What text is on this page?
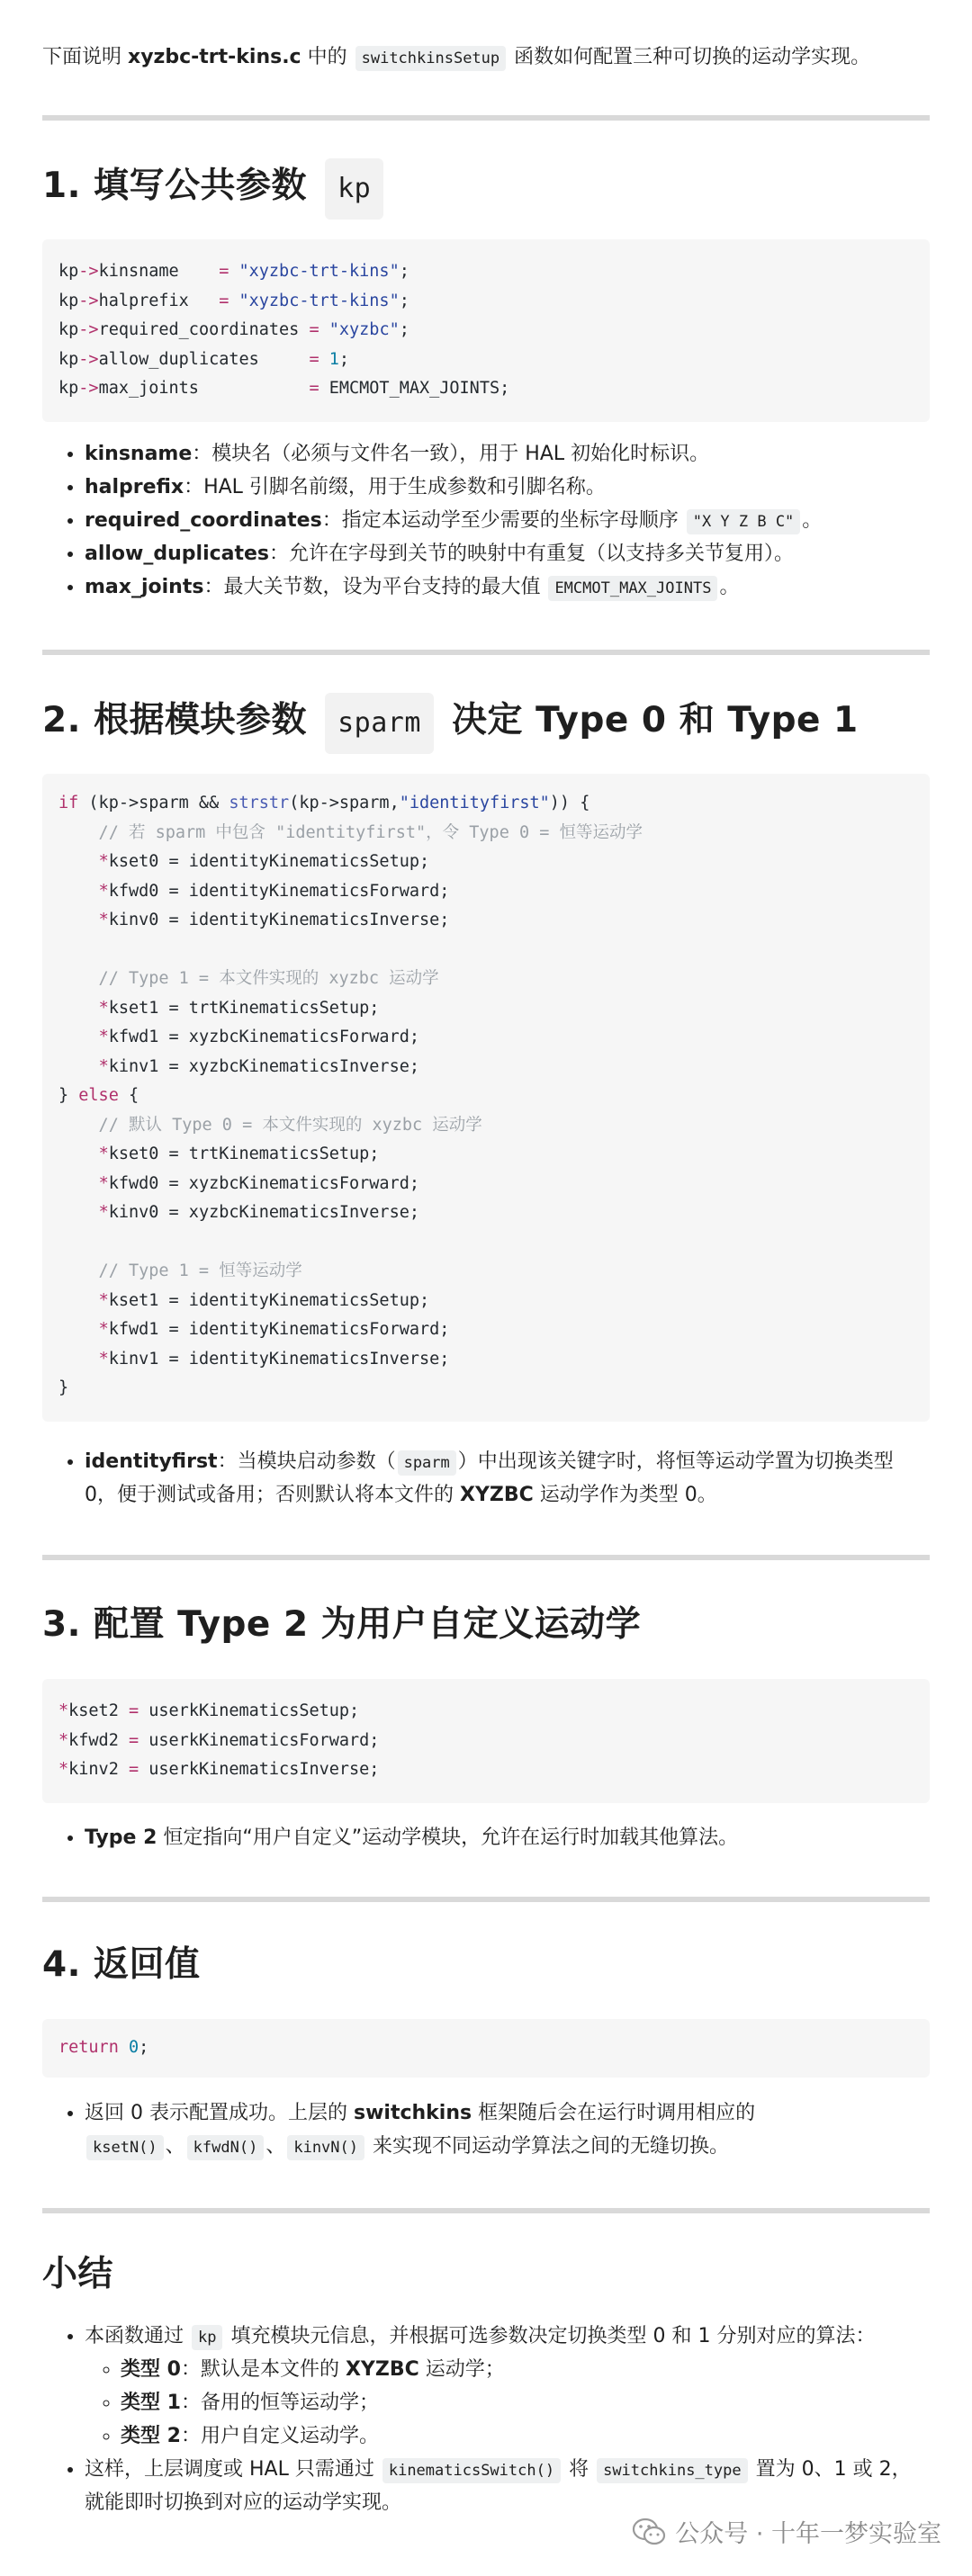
下面说明 xyzbc-trt-kins.c 中的 switchkinsSetup 函数如何配置三种可切换的运动学实现。
1. 填写公共参数 kp
kp->kinsname    = "xyzbc-trt-kins";
kp->halprefix   = "xyzbc-trt-kins";
kp->required_coordinates = "xyzbc";
kp->allow_duplicates     = 1;
kp->max_joints           = EMCMOT_MAX_JOINTS;
• kinsname：模块名（必须与文件名一致），用于 HAL 初始化时标识。
• halprefix：HAL 引脚名前缀，用于生成参数和引脚名称。
• required_coordinates：指定本运动学至少需要的坐标字母顺序 "X Y Z B C" 。
• allow_duplicates：允许在字母到关节的映射中有重复（以支持多关节复用）。
• max_joints：最大关节数，设为平台支持的最大值 EMCMOT_MAX_JOINTS 。
2. 根据模块参数 sparm 决定 Type 0 和 Type 1
if (kp->sparm && strstr(kp->sparm,"identityfirst")) {
// 若 sparm 中包含 "identityfirst"，令 Type 0 = 恒等运动学
*kset0 = identityKinematicsSetup;
*kfwd0 = identityKinematicsForward;
*kinv0 = identityKinematicsInverse;

// Type 1 = 本文件实现的 xyzbc 运动学
*kset1 = trtKinematicsSetup;
*kfwd1 = xyzbcKinematicsForward;
*kinv1 = xyzbcKinematicsInverse;
} else {
// 默认 Type 0 = 本文件实现的 xyzbc 运动学
*kset0 = trtKinematicsSetup;
*kfwd0 = xyzbcKinematicsForward;
*kinv0 = xyzbcKinematicsInverse;

// Type 1 = 恒等运动学
*kset1 = identityKinematicsSetup;
*kfwd1 = identityKinematicsForward;
*kinv1 = identityKinematicsInverse;
}
• identityfirst：当模块启动参数（ sparm ）中出现该关键字时，将恒等运动学置为切换类型 0，便于测试或备用；否则默认将本文件的 XYZBC 运动学作为类型 0。
3. 配置 Type 2 为用户自定义运动学
*kset2 = userkKinematicsSetup;
*kfwd2 = userkKinematicsForward;
*kinv2 = userkKinematicsInverse;
• Type 2 恒定指向“用户自定义”运动学模块，允许在运行时加载其他算法。
4. 返回值
return 0;
• 返回 0 表示配置成功。上层的 switchkins 框架随后会在运行时调用相应的
ksetN() 、 kfwdN() 、 kinvN() 来实现不同运动学算法之间的无缝切换。
小结
• 本函数通过 kp 填充模块元信息，并根据可选参数决定切换类型 0 和 1 分别对应的算法：
◦ 类型 0：默认是本文件的 XYZBC 运动学；
◦ 类型 1：备用的恒等运动学；
◦ 类型 2：用户自定义运动学。
• 这样，上层调度或 HAL 只需通过 kinematicsSwitch() 将 switchkins_type 置为 0、1 或 2，就能即时切换到对应的运动学实现。
公众号 · 十年一梦实验室
